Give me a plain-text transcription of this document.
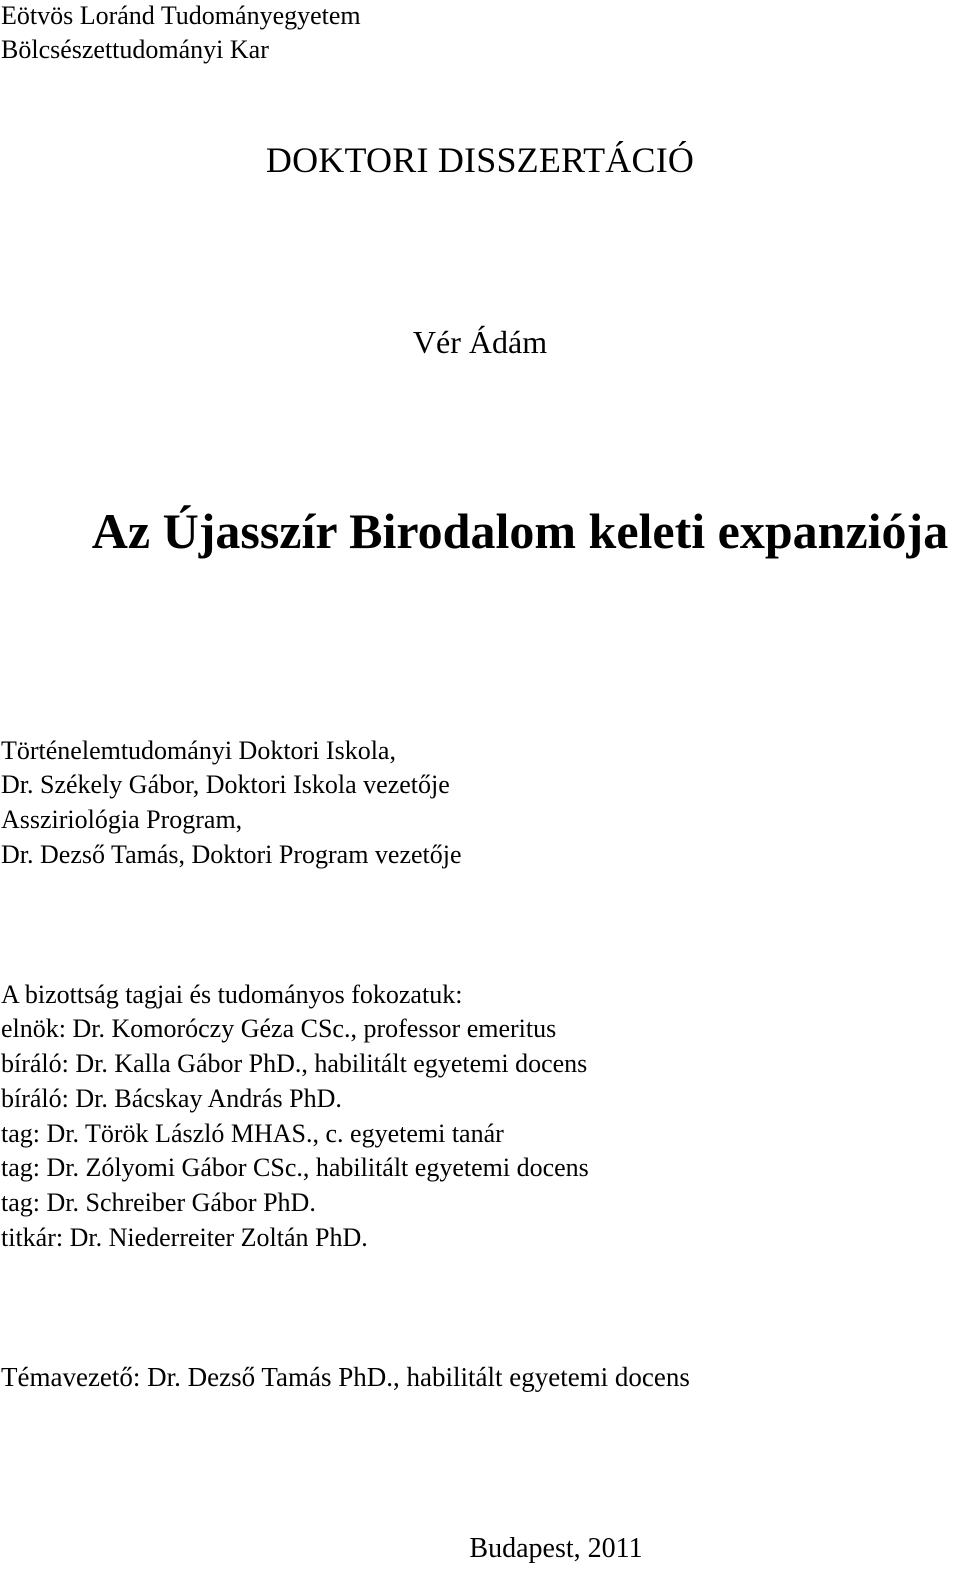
Eötvös Loránd Tudományegyetem
Bölcsészettudományi Kar
DOKTORI DISSZERTÁCIÓ
Vér Ádám
Az Újasszír Birodalom keleti expanziója
Történelemtudományi Doktori Iskola,
Dr. Székely Gábor, Doktori Iskola vezetője
Assziriológia Program,
Dr. Dezső Tamás, Doktori Program vezetője
A bizottság tagjai és tudományos fokozatuk:
elnök: Dr. Komoróczy Géza CSc., professor emeritus
bíráló: Dr. Kalla Gábor PhD., habilitált egyetemi docens
bíráló: Dr. Bácskay András PhD.
tag: Dr. Török László MHAS., c. egyetemi tanár
tag: Dr. Zólyomi Gábor CSc., habilitált egyetemi docens
tag: Dr. Schreiber Gábor PhD.
titkár: Dr. Niederreiter Zoltán PhD.
Témavezető: Dr. Dezső Tamás PhD., habilitált egyetemi docens
Budapest, 2011
